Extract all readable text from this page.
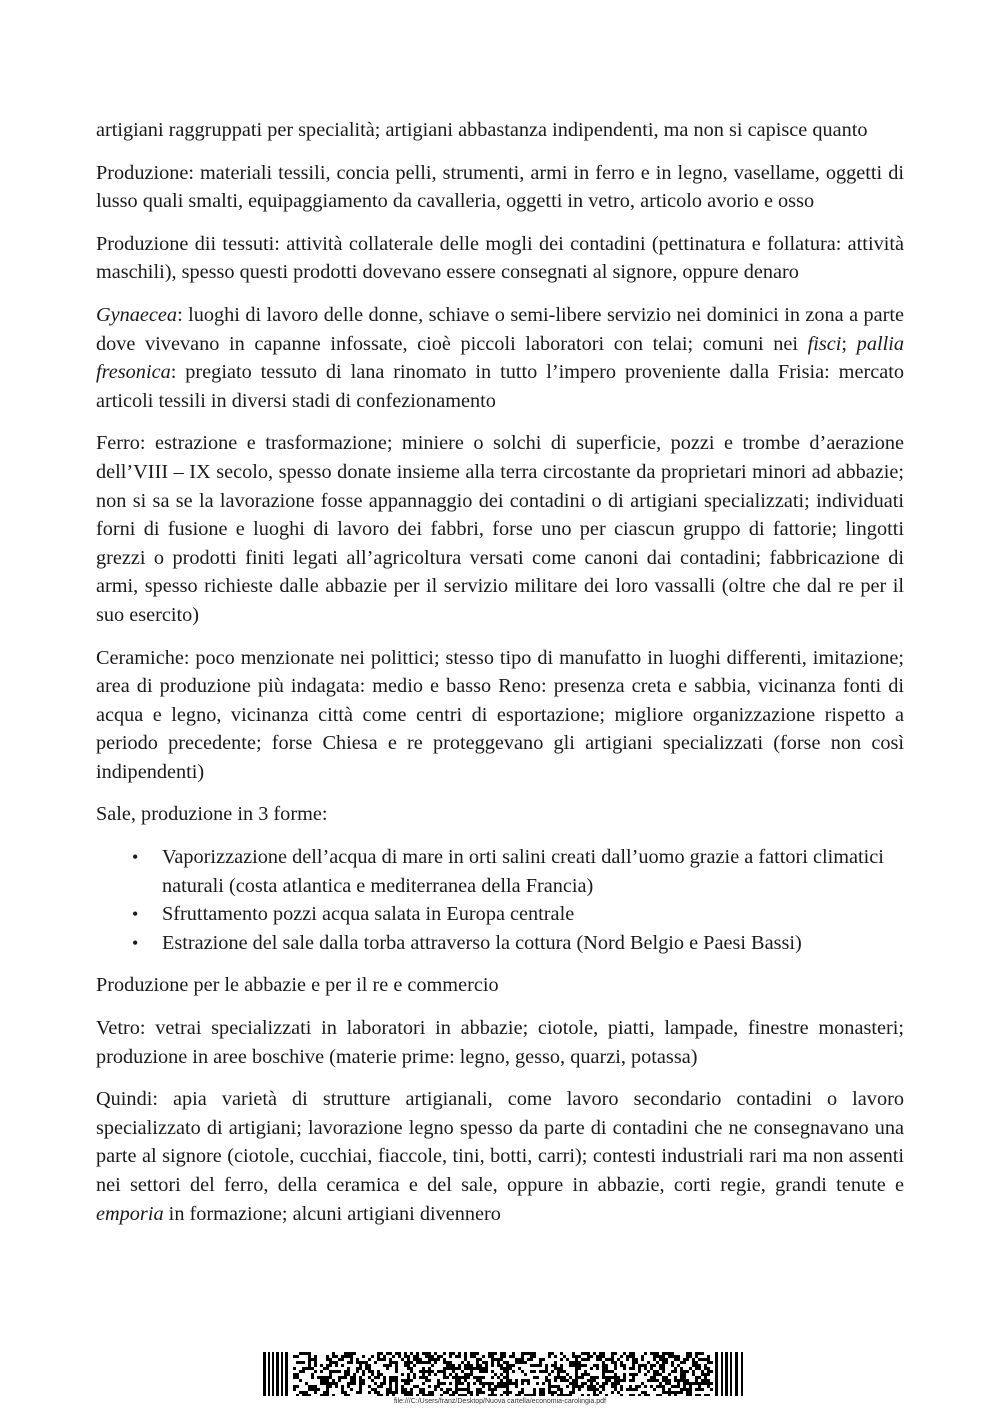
artigiani raggruppati per specialità; artigiani abbastanza indipendenti, ma non si capisce quanto

Produzione: materiali tessili, concia pelli, strumenti, armi in ferro e in legno, vasellame, oggetti di lusso quali smalti, equipaggiamento da cavalleria, oggetti in vetro, articolo avorio e osso

Produzione dii tessuti: attività collaterale delle mogli dei contadini (pettinatura e follatura: attività maschili), spesso questi prodotti dovevano essere consegnati al signore, oppure denaro

Gynaecea: luoghi di lavoro delle donne, schiave o semi-libere servizio nei dominici in zona a parte dove vivevano in capanne infossate, cioè piccoli laboratori con telai; comuni nei fisci; pallia fresonica: pregiato tessuto di lana rinomato in tutto l’impero proveniente dalla Frisia: mercato articoli tessili in diversi stadi di confezionamento

Ferro: estrazione e trasformazione; miniere o solchi di superficie, pozzi e trombe d’aerazione dell’VIII – IX secolo, spesso donate insieme alla terra circostante da proprietari minori ad abbazie; non si sa se la lavorazione fosse appannaggio dei contadini o di artigiani specializzati; individuati forni di fusione e luoghi di lavoro dei fabbri, forse uno per ciascun gruppo di fattorie; lingotti grezzi o prodotti finiti legati all’agricoltura versati come canoni dai contadini; fabbricazione di armi, spesso richieste dalle abbazie per il servizio militare dei loro vassalli (oltre che dal re per il suo esercito)

Ceramiche: poco menzionate nei polittici; stesso tipo di manufatto in luoghi differenti, imitazione; area di produzione più indagata: medio e basso Reno: presenza creta e sabbia, vicinanza fonti di acqua e legno, vicinanza città come centri di esportazione; migliore organizzazione rispetto a periodo precedente; forse Chiesa e re proteggevano gli artigiani specializzati (forse non così indipendenti)

Sale, produzione in 3 forme:

• Vaporizzazione dell’acqua di mare in orti salini creati dall’uomo grazie a fattori climatici naturali (costa atlantica e mediterranea della Francia)
• Sfruttamento pozzi acqua salata in Europa centrale
• Estrazione del sale dalla torba attraverso la cottura (Nord Belgio e Paesi Bassi)

Produzione per le abbazie e per il re e commercio

Vetro: vetrai specializzati in laboratori in abbazie; ciotole, piatti, lampade, finestre monasteri; produzione in aree boschive (materie prime: legno, gesso, quarzi, potassa)

Quindi: apia varietà di strutture artigianali, come lavoro secondario contadini o lavoro specializzato di artigiani; lavorazione legno spesso da parte di contadini che ne consegnavano una parte al signore (ciotole, cucchiai, fiaccole, tini, botti, carri); contesti industriali rari ma non assenti nei settori del ferro, della ceramica e del sale, oppure in abbazie, corti regie, grandi tenute e emporia in formazione; alcuni artigiani divennero

file:///C:/Users/franz/Desktop/Nuova cartella/economia-carolingia.pdf
